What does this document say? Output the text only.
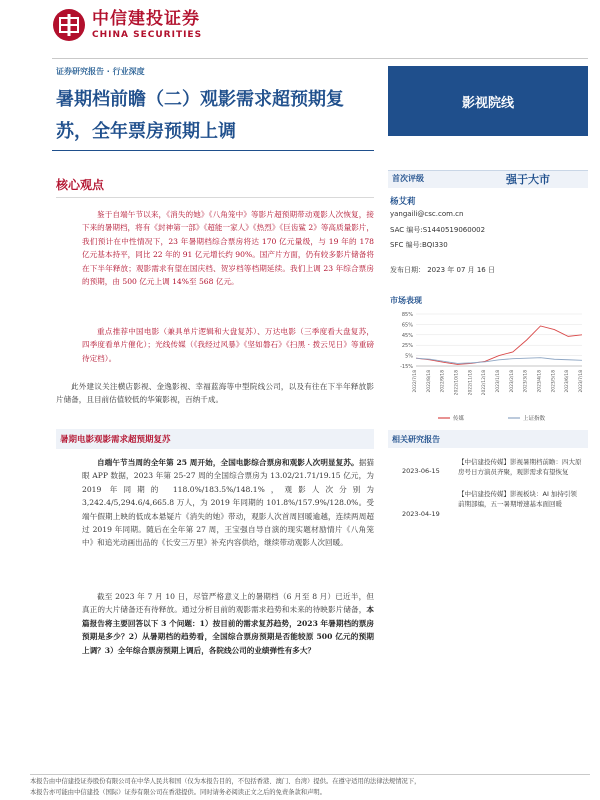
中信建投证券
CHINA SECURITIES
证券研究报告 · 行业深度
暑期档前瞻（二）观影需求超预期复苏，全年票房预期上调
影视院线
核心观点
鉴于自端午节以来，《消失的她》《八角笼中》等影片超预期带动观影人次恢复，接下来的暑期档，将有《封神第一部》《超能一家人》《热烈》《巨齿鲨 2》等高质量影片，我们预计在中性情况下，23 年暑期档综合票房将达 170 亿元量级，与 19 年的 178 亿元基本持平，同比 22 年的 91 亿元增长约 90%。国产片方面，仍有较多影片储备将在下半年释放；观影需求有望在国庆档、贺岁档等档期延续。我们上调 23 年综合票房的预期，由 500 亿元上调 14%至 568 亿元。
重点推荐中国电影（兼具单片逻辑和大盘复苏）、万达电影（三季度看大盘复苏，四季度看单片催化）；光线传媒（《我经过风暴》《坚如磐石》《扫黑 · 拨云见日》等重磅待定档）。
此外建议关注横店影视、金逸影视、幸福蓝海等中型院线公司，以及有往在下半年释放影片储备，且目前估值较低的华策影视，百纳千成。
暑期电影观影需求超预期复苏
自端午节当周的全年第 25 周开始，全国电影综合票房和观影人次明显复苏。据猫眼 APP 数据，2023 年第 25-27 周的全国综合票房为 13.02/21.71/19.15 亿元，为 2019 年同期的 118.0%/183.5%/148.1%，观影人次分别为 3,242.4/5,294.6/4,665.8 万人，为 2019 年同期的 101.8%/157.9%/128.0%。受端午假期上映的低成本悬疑片《消失的她》带动，观影人次首周回暖逾越，连续两周超过 2019 年同期。随后在全年第 27 周，王宝强自导自演的现实题材励情片《八角笼中》和追光动画出品的《长安三万里》补充内容供给，继续带动观影人次回暖。
截至 2023 年 7 月 10 日，尽管严格意义上的暑期档（6 月至 8 月）已近半，但真正的大片储备还有待释放。通过分析目前的观影需求趋势和未来的待映影片储备，本篇报告将主要回答以下 3 个问题：1）按目前的需求复苏趋势，2023 年暑期档的票房预期是多少？2）从暑期档的趋势看，全国综合票房预期是否能较原 500 亿元的预期上调？3）全年综合票房预期上调后，各院线公司的业绩弹性有多大？
首次评级	强于大市
杨艾莉
yangaili@csc.com.cn
SAC 编号:S1440519060002
SFC 编号:BQI330
发布日期： 2023 年 07 月 16 日
市场表现
85%
65%
45%
25%
5%
-15%
2022/7/18 2022/8/18 2022/9/18 2022/10/18 2022/11/18 2022/12/18 2023/1/18 2023/2/18 2023/3/18 2023/4/18 2023/5/18 2023/6/18 2023/7/18
传媒	上证指数
相关研究报告
2023-06-15
【中信建投传媒】影视暑期档前瞻：四大原房号日方演员齐聚，观影需求有望恢复
2023-04-19
【中信建投传媒】影视板块：AI 加持引领前期部编，五一暑期增速基本面回暖
本报告由中信建投证券股份有限公司在中华人民共和国（仅为本报告目的，不包括香港、澳门、台湾）提供。在遵守适用的法律法规情况下，
本报告亦可能由中信建投（国际）证券有限公司在香港提供。同时请务必阅读正文之后的免责条款和声明。
